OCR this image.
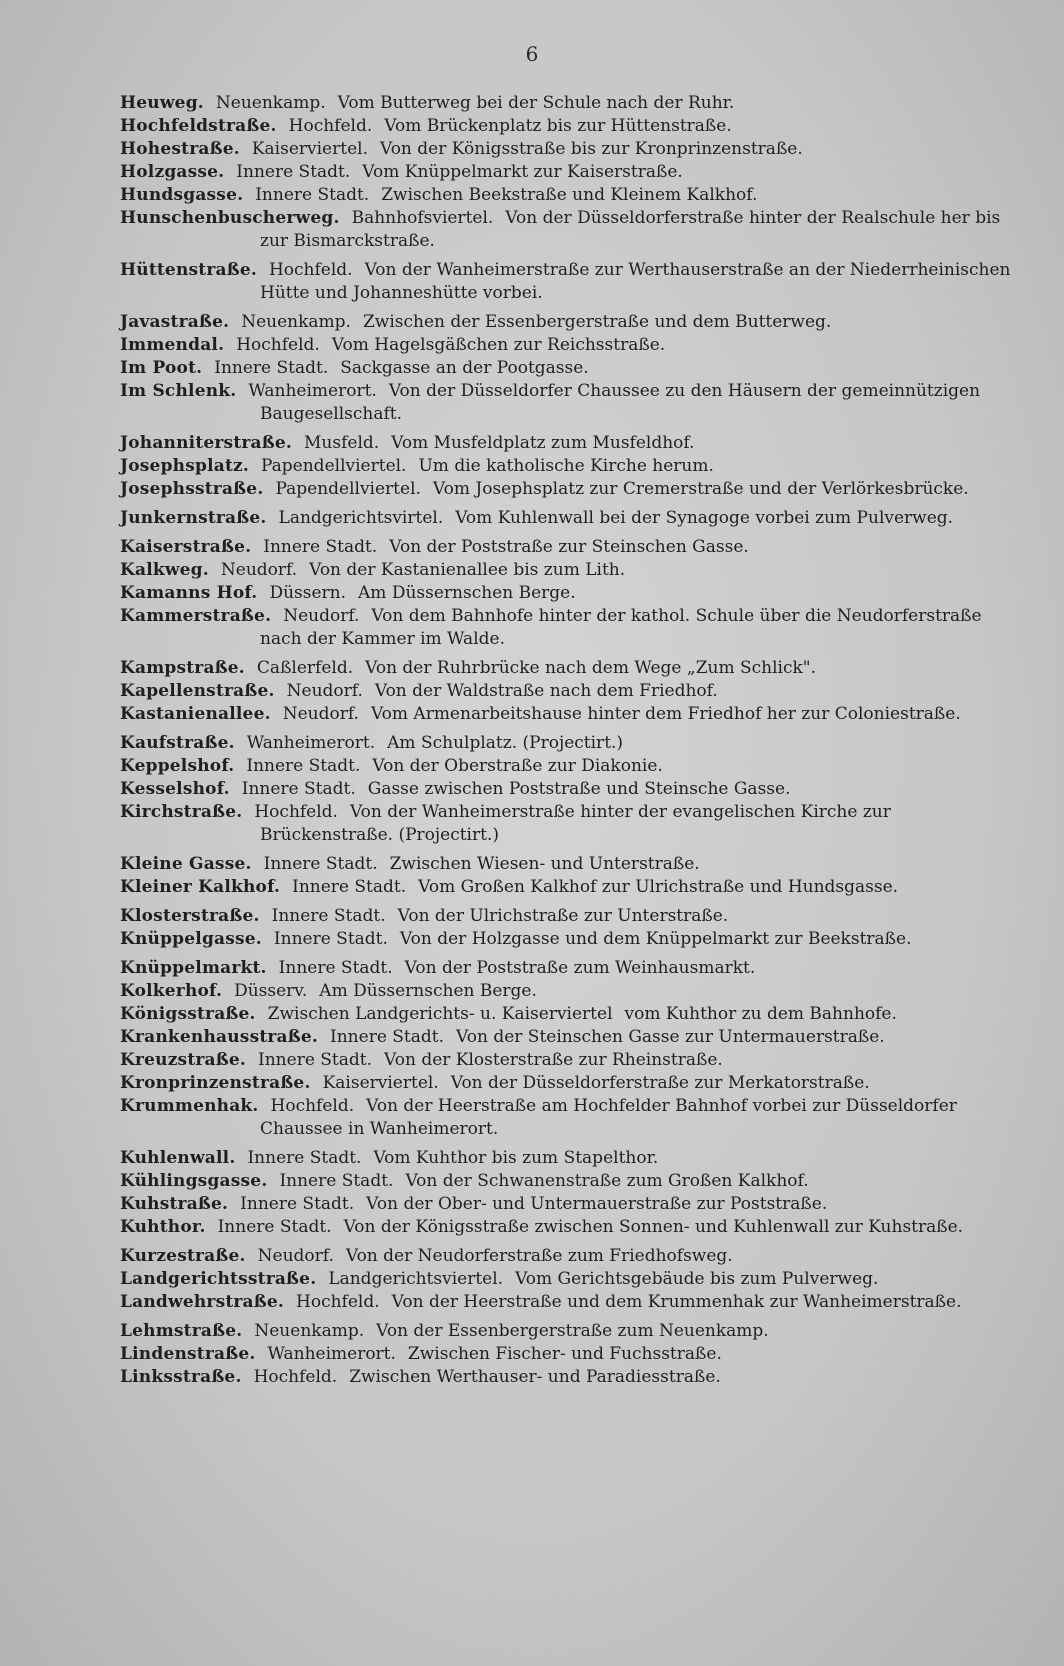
6
Heuweg. Neuenkamp. Vom Butterweg bei der Schule nach der Ruhr.
Hochfeldstraße. Hochfeld. Vom Brückenplatz bis zur Hüttenstraße.
Hohestraße. Kaiserviertel. Von der Königsstraße bis zur Kronprinzenstraße.
Holzgasse. Innere Stadt. Vom Knüppelmarkt zur Kaiserstraße.
Hundsgasse. Innere Stadt. Zwischen Beekstraße und Kleinem Kalkhof.
Hunschenbuscherweg. Bahnhofsviertel. Von der Düsseldorferstraße hinter der Realschule her bis zur Bismarckstraße.
Hüttenstraße. Hochfeld. Von der Wanheimerstraße zur Werthauserstraße an der Niederrheinischen Hütte und Johanneshütte vorbei.
Javastraße. Neuenkamp. Zwischen der Essenbergerstraße und dem Butterweg.
Immendal. Hochfeld. Vom Hagelsgäßchen zur Reichsstraße.
Im Poot. Innere Stadt. Sackgasse an der Pootgasse.
Im Schlenk. Wanheimerort. Von der Düsseldorfer Chaussee zu den Häusern der gemeinnützigen Baugesellschaft.
Johanniterstraße. Musfeld. Vom Musfeldplatz zum Musfeldhof.
Josephsplatz. Papendellviertel. Um die katholische Kirche herum.
Josephsstraße. Papendellviertel. Vom Josephsplatz zur Cremerstraße und der Verlörkesbrücke.
Junkernstraße. Landgerichtsvirtel. Vom Kuhlenwall bei der Synagoge vorbei zum Pulverweg.
Kaiserstraße. Innere Stadt. Von der Poststraße zur Steinschen Gasse.
Kalkweg. Neudorf. Von der Kastanienallee bis zum Lith.
Kamanns Hof. Düssern. Am Düssernschen Berge.
Kammerstraße. Neudorf. Von dem Bahnhofe hinter der kathol. Schule über die Neudorferstraße nach der Kammer im Walde.
Kampstraße. Caßlerfeld. Von der Ruhrbrücke nach dem Wege „Zum Schlick".
Kapellenstraße. Neudorf. Von der Waldstraße nach dem Friedhof.
Kastanienallee. Neudorf. Vom Armenarbeitshause hinter dem Friedhof her zur Coloniestraße.
Kaufstraße. Wanheimerort. Am Schulplatz. (Projectirt.)
Keppelshof. Innere Stadt. Von der Oberstraße zur Diakonie.
Kesselshof. Innere Stadt. Gasse zwischen Poststraße und Steinsche Gasse.
Kirchstraße. Hochfeld. Von der Wanheimerstraße hinter der evangelischen Kirche zur Brückenstraße. (Projectirt.)
Kleine Gasse. Innere Stadt. Zwischen Wiesen- und Unterstraße.
Kleiner Kalkhof. Innere Stadt. Vom Großen Kalkhof zur Ulrichstraße und Hundsgasse.
Klosterstraße. Innere Stadt. Von der Ulrichstraße zur Unterstraße.
Knüppelgasse. Innere Stadt. Von der Holzgasse und dem Knüppelmarkt zur Beekstraße.
Knüppelmarkt. Innere Stadt. Von der Poststraße zum Weinhausmarkt.
Kolkerhof. Düsserv. Am Düssernschen Berge.
Königsstraße. Zwischen Landgerichts- u. Kaiserviertel vom Kuhthor zu dem Bahnhofe.
Krankenhausstraße. Innere Stadt. Von der Steinschen Gasse zur Untermauerstraße.
Kreuzstraße. Innere Stadt. Von der Klosterstraße zur Rheinstraße.
Kronprinzenstraße. Kaiserviertel. Von der Düsseldorferstraße zur Merkatorstraße.
Krummenhak. Hochfeld. Von der Heerstraße am Hochfelder Bahnhof vorbei zur Düsseldorfer Chaussee in Wanheimerort.
Kuhlenwall. Innere Stadt. Vom Kuhthor bis zum Stapelthor.
Kühlingsgasse. Innere Stadt. Von der Schwanenstraße zum Großen Kalkhof.
Kuhstraße. Innere Stadt. Von der Ober- und Untermauerstraße zur Poststraße.
Kuhthor. Innere Stadt. Von der Königsstraße zwischen Sonnen- und Kuhlenwall zur Kuhstraße.
Kurzestraße. Neudorf. Von der Neudorferstraße zum Friedhofsweg.
Landgerichtsstraße. Landgerichtsviertel. Vom Gerichtsgebäude bis zum Pulverweg.
Landwehrstraße. Hochfeld. Von der Heerstraße und dem Krummenhak zur Wanheimerstraße.
Lehmstraße. Neuenkamp. Von der Essenbergerstraße zum Neuenkamp.
Lindenstraße. Wanheimerort. Zwischen Fischer- und Fuchsstraße.
Linksstraße. Hochfeld. Zwischen Werthauser- und Paradiesstraße.
